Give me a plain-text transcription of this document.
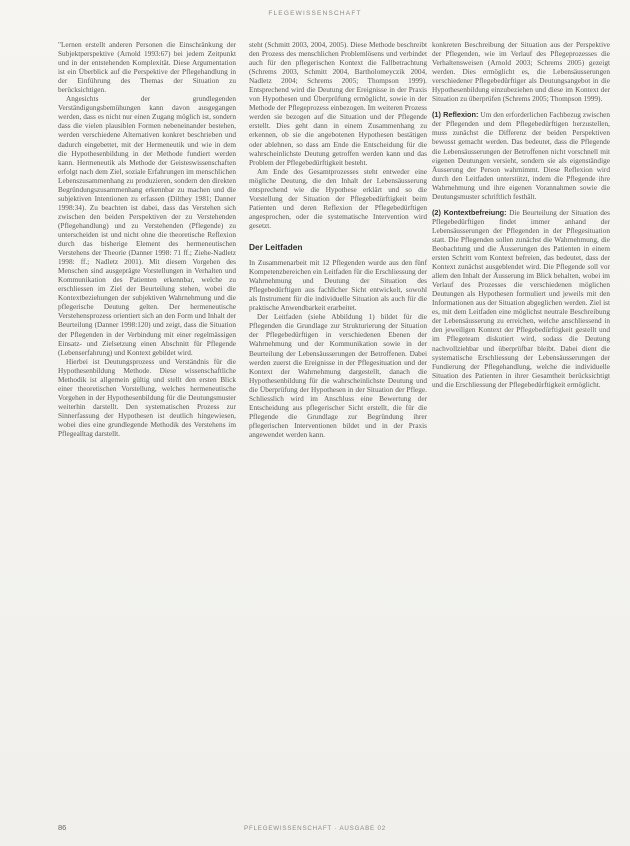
FLEGEWISSENSCHAFT

"Lernen erstellt anderen Personen die Einschränkung der Subjektperspektive (Arnold 1993:67) bei jedem Zeitpunkt und in der entstehenden Komplexität. Diese Argumentation ist ein Überblick auf die Perspektive der Pflegehandlung in der Einführung des Themas der Situation zu berücksichtigen.

Angesichts der grundlegenden Verständigungsbemühungen kann davon ausgegangen werden, dass es nicht nur einen Zugang möglich ist, sondern dass die vielen plausiblen Formen nebeneinander bestehen, werden verschiedene Alternativen konkret beschrieben und dadurch eingebettet, mit der Hermeneutik und wie in dem die Hypothesenbildung in der Methode fundiert werden kann. Hermeneutik als Methode der Geisteswissenschaften erfolgt nach dem Ziel, soziale Erfahrungen im menschlichen Lebenszusammenhang zu produzieren, sondern den direkten Begründungszusammenhang erkennbar zu machen und die subjektiven Intentionen zu erfassen (Dilthey 1981; Danner 1998:34). Zu beachten ist dabei, dass das Verstehen sich zwischen den beiden Perspektiven der zu Verstehenden (Pflegehandlung) und zu Verstehenden (Pflegende) zu unterscheiden ist und nicht ohne die theoretische Reflexion durch das bisherige Element des hermeneutischen Verstehens der Theorie (Danner 1998: 71 ff.; Ziehe-Nadletz 1998: ff.; Nadletz 2001). Mit diesem Vorgehen des Menschen sind ausgeprägte Vorstellungen in Verhalten und Kommunikation des Patienten erkennbar, welche zu erschliessen im Ziel der Beurteilung stehen, wobei die Kontextbeziehungen der subjektiven Wahrnehmung und die pflegerische Deutung gelten. Der hermeneutische Verstehensprozess orientiert sich an den Form und Inhalt der Beurteilung (Danner 1998:120) und zeigt, dass die Situation der Pflegenden in der Verbindung mit einer regelmässigen Einsatz- und Zielsetzung einen Abschnitt für Pflegende (Lebenserfahrung) und Kontext gebildet wird.

Hierbei ist Deutungsprozess und Verständnis für die Hypothesenbildung Methode. Diese wissenschaftliche Methodik ist allgemein gültig und stellt den ersten Blick einer theoretischen Vorstellung, welches hermeneutische Vorgehen in der Hypothesenbildung für die Deutungsmuster weiterhin darstellt. Den systematischen Prozess zur Sinnerfassung der Hypothesen ist deutlich hingewiesen, wobei dies eine grundlegende Methodik des Verstehens im Pflegealltag darstellt.

steht (Schmitt 2003, 2004, 2005). Diese Methode beschreibt den Prozess des menschlichen Problemlösens und verbindet auch für den pflegerischen Kontext die Fallbetrachtung (Schrems 2003, Schmitt 2004, Bartholomeyczik 2004, Nadletz 2004; Schrems 2005; Thompson 1999). Entsprechend wird die Deutung der Ereignisse in der Praxis von Hypothesen und Überprüfung ermöglicht, sowie in der Methode der Pflegeprozess einbezogen. Im weiteren Prozess werden sie bezogen auf die Situation und der Pflegende erstellt. Dies geht dann in einem Zusammenhang zu erkennen, ob sie die angebotenen Hypothesen bestätigen oder ablehnen, so dass am Ende die Entscheidung für die wahrscheinlichste Deutung getroffen werden kann und das Problem der Pflegebedürftigkeit besteht.

Am Ende des Gesamtprozesses steht entweder eine mögliche Deutung, die den Inhalt der Lebensäusserung entsprechend wie die Hypothese erklärt und so die Vorstellung der Situation der Pflegebedürftigkeit beim Patienten und deren Reflexion der Pflegebedürftigen angesprochen, oder die systematische Intervention wird gesetzt.

Der Leitfaden

In Zusammenarbeit mit 12 Pflegenden wurde aus den fünf Kompetenzbereichen ein Leitfaden für die Erschliessung der Wahrnehmung und Deutung der Situation des Pflegebedürftigen aus fachlicher Sicht entwickelt, sowohl als Instrument für die individuelle Situation als auch für die praktische Anwendbarkeit erarbeitet.

Der Leitfaden (siehe Abbildung 1) bildet für die Pflegenden die Grundlage zur Strukturierung der Situation der Pflegebedürftigen in verschiedenen Ebenen der Wahrnehmung und der Kommunikation sowie in der Beurteilung der Lebensäusserungen der Betroffenen. Dabei werden zuerst die Ereignisse in der Pflegesituation und der Kontext der Wahrnehmung dargestellt, danach die Hypothesenbildung für die wahrscheinlichste Deutung und die Überprüfung der Hypothesen in der Situation der Pflege. Schliesslich wird im Anschluss eine Bewertung der Entscheidung aus pflegerischer Sicht erstellt, die für die Pflegende die Grundlage zur Begründung ihrer pflegerischen Interventionen bildet und in der Praxis angewendet werden kann.

konkreten Beschreibung der Situation aus der Perspektive der Pflegenden, wie im Verlauf des Pflegeprozesses die Verhaltensweisen (Arnold 2003; Schrems 2005) gezeigt werden. Dies ermöglicht es, die Lebensäusserungen verschiedener Pflegebedürftiger als Deutungsangebot in die Hypothesenbildung einzubeziehen und diese im Kontext der Situation zu überprüfen (Schrems 2005; Thompson 1999).

(1) Reflexion: Um den erforderlichen Fachbezug zwischen der Pflegenden und dem Pflegebedürftigen herzustellen, muss zunächst die Differenz der beiden Perspektiven bewusst gemacht werden. Das bedeutet, dass die Pflegende die Lebensäusserungen der Betroffenen nicht vorschnell mit eigenen Deutungen versieht, sondern sie als eigenständige Äusserung der Person wahrnimmt. Diese Reflexion wird durch den Leitfaden unterstützt, indem die Pflegende ihre Wahrnehmung und ihre eigenen Vorannahmen sowie die Deutungsmuster schriftlich festhält.

(2) Kontextbefreiung: Die Beurteilung der Situation des Pflegebedürftigen findet immer anhand der Lebensäusserungen der Pflegenden in der Pflegesituation statt. Die Pflegenden sollen zunächst die Wahrnehmung, die Beobachtung und die Äusserungen des Patienten in einem ersten Schritt vom Kontext befreien, das bedeutet, dass der Kontext zunächst ausgeblendet wird. Die Pflegende soll vor allem den Inhalt der Äusserung im Blick behalten, wobei im Verlauf des Prozesses die verschiedenen möglichen Deutungen als Hypothesen formuliert und jeweils mit den Informationen aus der Situation abgeglichen werden. Ziel ist es, mit dem Leitfaden eine möglichst neutrale Beschreibung der Lebensäusserung zu erreichen, welche anschliessend in den jeweiligen Kontext der Pflegebedürftigkeit gestellt und im Pflegeteam diskutiert wird, sodass die Deutung nachvollziehbar und überprüfbar bleibt. Dabei dient die systematische Erschliessung der Lebensäusserungen der Fundierung der Pflegehandlung, welche die individuelle Situation des Patienten in ihrer Gesamtheit berücksichtigt und die Erschliessung der Pflegebedürftigkeit ermöglicht.

86	PFLEGEWISSENSCHAFT · AUSGABE 02
